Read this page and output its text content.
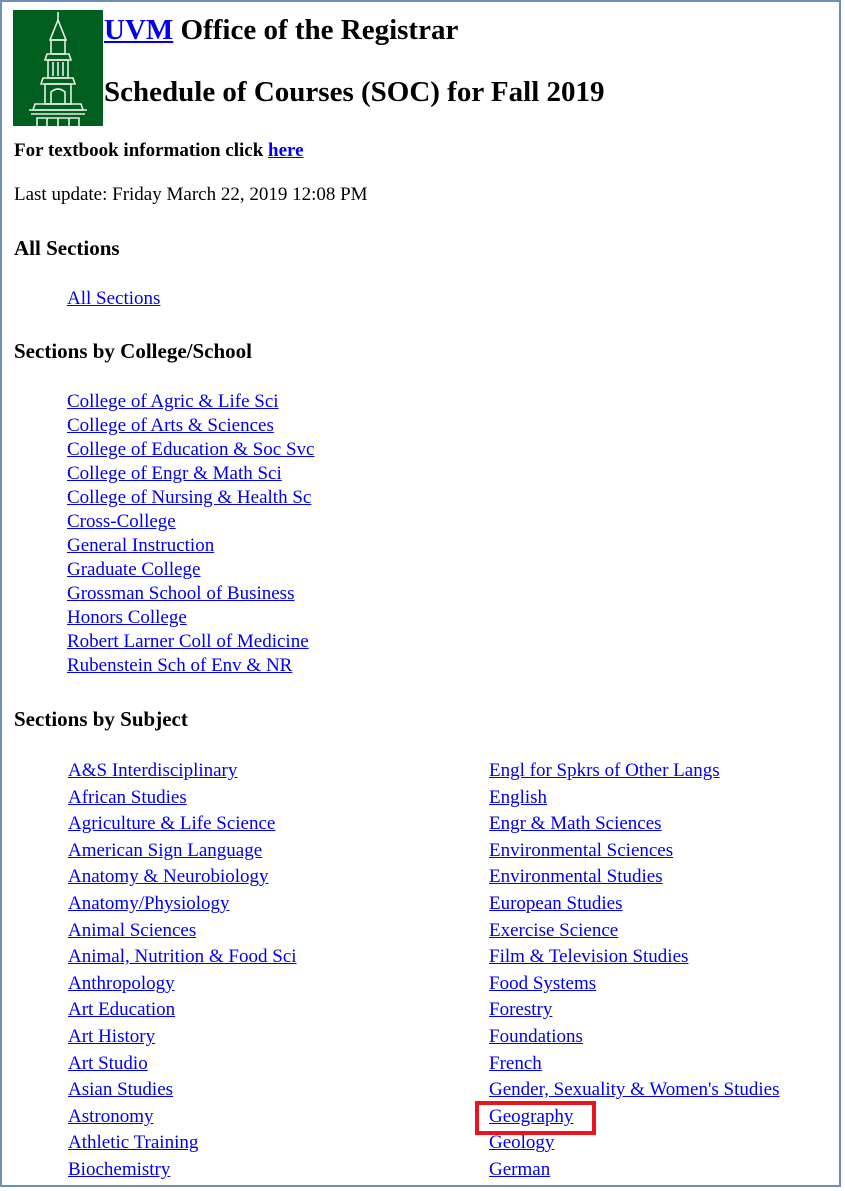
UVM Office of the Registrar
Schedule of Courses (SOC) for Fall 2019
For textbook information click here
Last update: Friday March 22, 2019 12:08 PM
All Sections
All Sections
Sections by College/School
College of Agric & Life Sci
College of Arts & Sciences
College of Education & Soc Svc
College of Engr & Math Sci
College of Nursing & Health Sc
Cross-College
General Instruction
Graduate College
Grossman School of Business
Honors College
Robert Larner Coll of Medicine
Rubenstein Sch of Env & NR
Sections by Subject
A&S Interdisciplinary
African Studies
Agriculture & Life Science
American Sign Language
Anatomy & Neurobiology
Anatomy/Physiology
Animal Sciences
Animal, Nutrition & Food Sci
Anthropology
Art Education
Art History
Art Studio
Asian Studies
Astronomy
Athletic Training
Biochemistry
Engl for Spkrs of Other Langs
English
Engr & Math Sciences
Environmental Sciences
Environmental Studies
European Studies
Exercise Science
Film & Television Studies
Food Systems
Forestry
Foundations
French
Gender, Sexuality & Women's Studies
Geography
Geology
German
